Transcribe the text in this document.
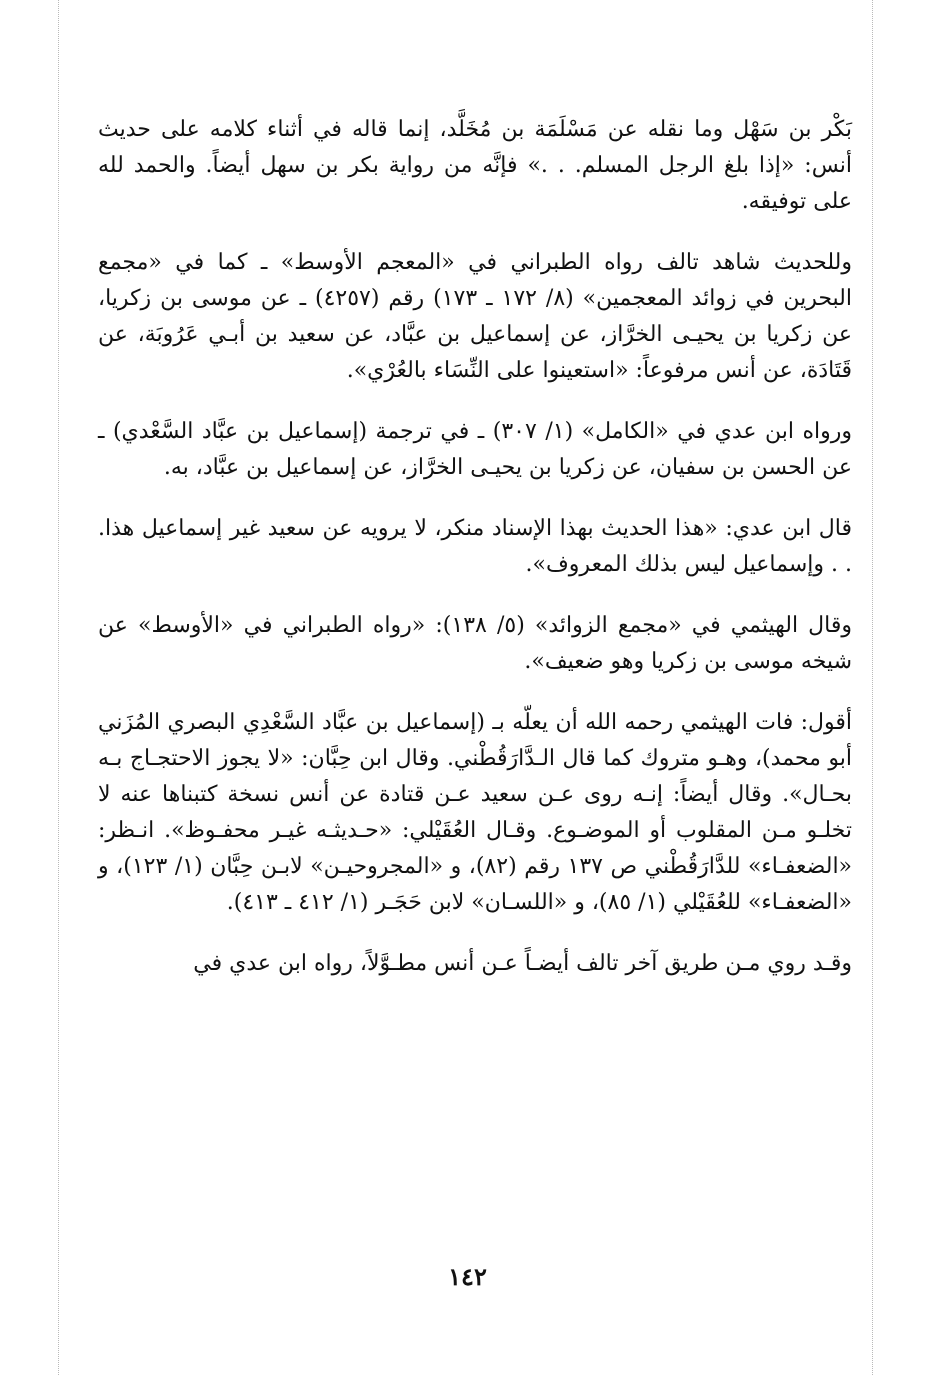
بَكْر بن سَهْل وما نقله عن مَسْلَمَة بن مُخَلَّد، إنما قاله في أثناء كلامه على حديث أنس: «إذا بلغ الرجل المسلم. . .» فإنَّه من رواية بكر بن سهل أيضاً. والحمد لله على توفيقه.

وللحديث شاهد تالف رواه الطبراني في «المعجم الأوسط» ـ كما في «مجمع البحرين في زوائد المعجمين» (٨/ ١٧٢ ـ ١٧٣) رقم (٤٢٥٧) ـ عن موسى بن زكريا، عن زكريا بن يحيـى الخرَّاز، عن إسماعيل بن عبَّاد، عن سعيد بن أبـي عَرُوبَة، عن قَتَادَة، عن أنس مرفوعاً: «استعينوا على النِّسَاء بالعُرْي».

ورواه ابن عدي في «الكامل» (١/ ٣٠٧) ـ في ترجمة (إسماعيل بن عبَّاد السَّعْدي) ـ عن الحسن بن سفيان، عن زكريا بن يحيـى الخرَّاز، عن إسماعيل بن عبَّاد، به.

قال ابن عدي: «هذا الحديث بهذا الإسناد منكر، لا يرويه عن سعيد غير إسماعيل هذا. . . وإسماعيل ليس بذلك المعروف».

وقال الهيثمي في «مجمع الزوائد» (٥/ ١٣٨): «رواه الطبراني في «الأوسط» عن شيخه موسى بن زكريا وهو ضعيف».

أقول: فات الهيثمي رحمه الله أن يعلّه بـ (إسماعيل بن عبَّاد السَّعْدِي البصري المُزَني أبو محمد)، وهـو متروك كما قال الـدَّارَقُطْني. وقال ابن حِبَّان: «لا يجوز الاحتجـاج بـه بحـال». وقال أيضاً: إنـه روى عـن سعيد عـن قتادة عن أنس نسخة كتبناها عنه لا تخلـو مـن المقلوب أو الموضـوع. وقـال العُقَيْلي: «حـديثـه غيـر محفـوظ». انـظر: «الضعفـاء» للدَّارَقُطْني ص ١٣٧ رقم (٨٢)، و «المجروحيـن» لابـن حِبَّان (١/ ١٢٣)، و «الضعفـاء» للعُقَيْلي (١/ ٨٥)، و «اللسـان» لابن حَجَـر (١/ ٤١٢ ـ ٤١٣).

وقـد روي مـن طريق آخر تالف أيضـاً عـن أنس مطـوَّلاً، رواه ابن عدي في

١٤٢
